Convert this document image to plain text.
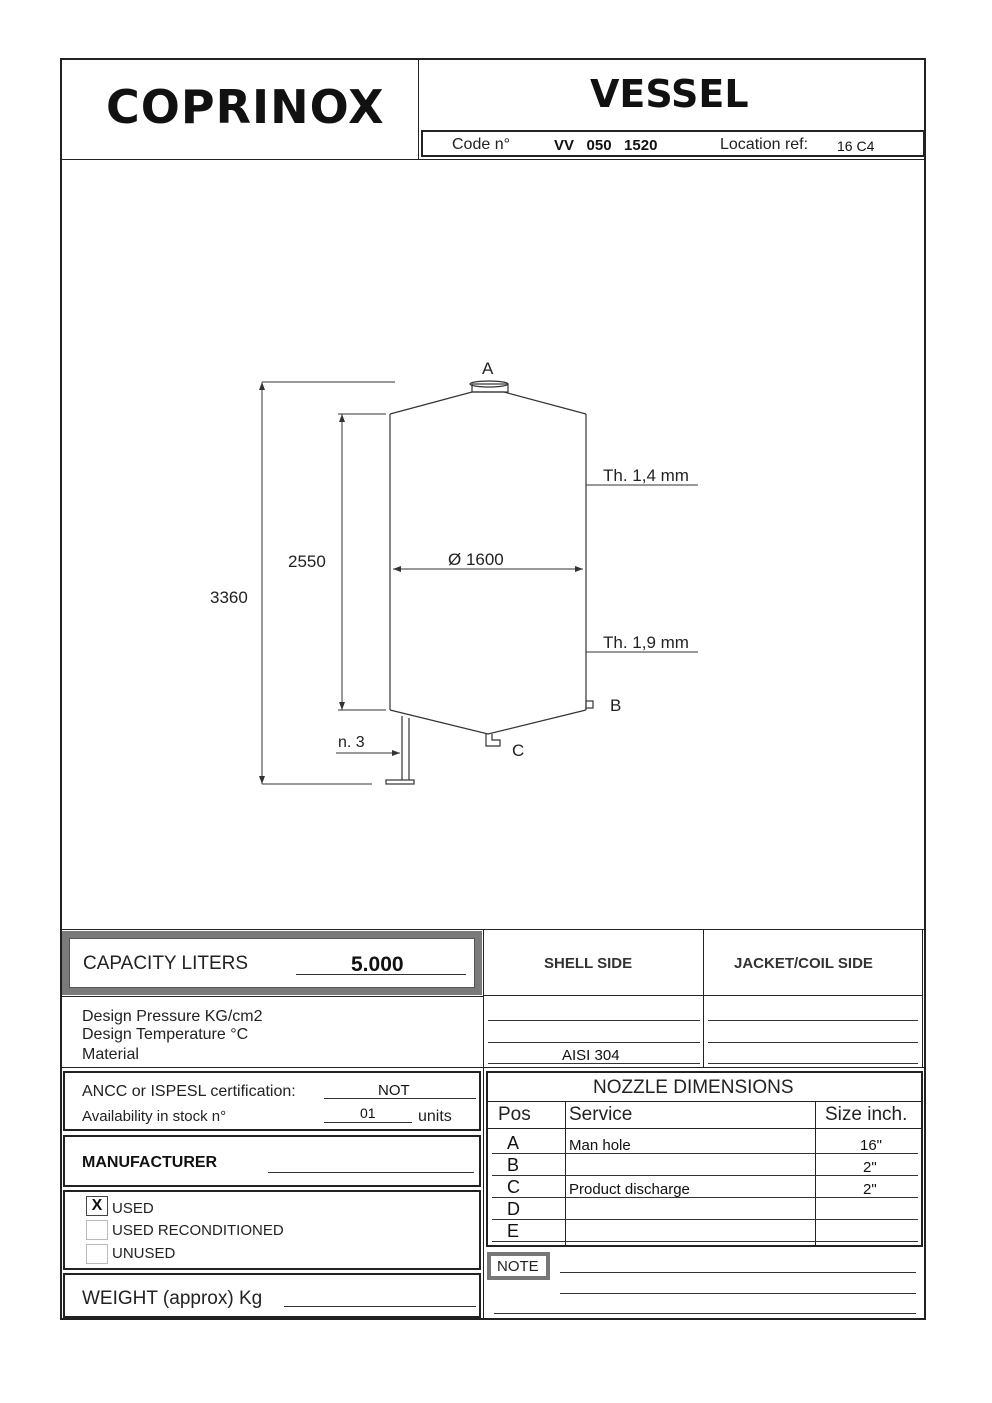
COPRINOX	VESSEL
Code n°	VV   050   1520	Location ref: 16 C4
A
B
C
3360
2550	Ø 1600
Th. 1,4 mm
Th. 1,9 mm
n. 3
CAPACITY LITERS	5.000	SHELL SIDE	JACKET/COIL SIDE
Design Pressure KG/cm2
Design Temperature °C
Material	AISI 304
ANCC or ISPESL certification:	NOT
Availability in stock n°	01	units
MANUFACTURER
X USED
USED RECONDITIONED
UNUSED
WEIGHT (approx) Kg
NOZZLE DIMENSIONS
Pos Service	Size inch.
A	Man hole	16"
B	2"
C	Product discharge	2"
D
E
NOTE
